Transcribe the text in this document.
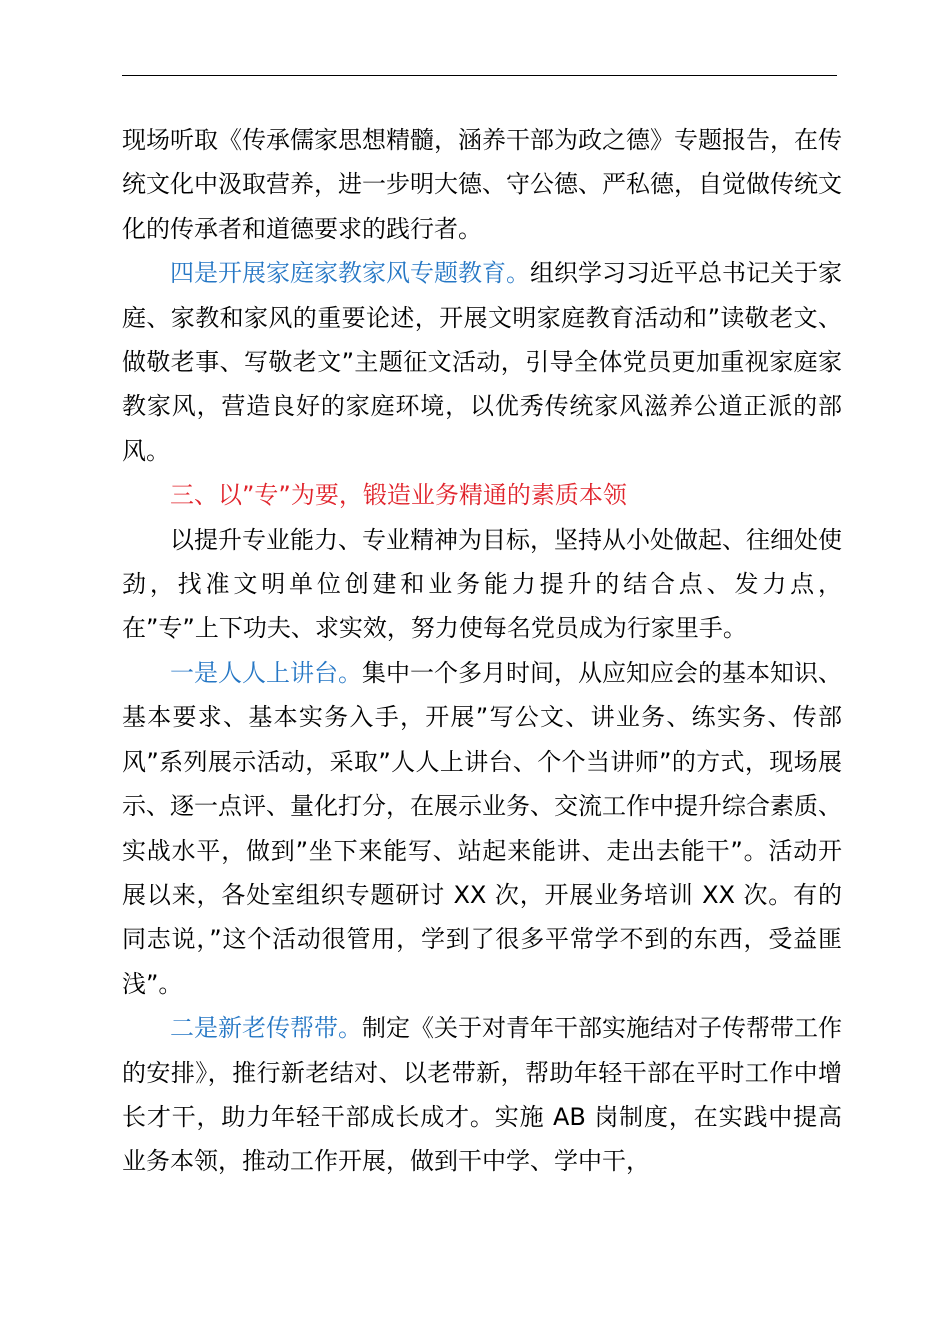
现场听取《传承儒家思想精髓，涵养干部为政之德》专题报告，在传统文化中汲取营养，进一步明大德、守公德、严私德，自觉做传统文化的传承者和道德要求的践行者。

四是开展家庭家教家风专题教育。组织学习习近平总书记关于家庭、家教和家风的重要论述，开展文明家庭教育活动和”读敬老文、做敬老事、写敬老文”主题征文活动，引导全体党员更加重视家庭家教家风，营造良好的家庭环境，以优秀传统家风滋养公道正派的部风。

三、以”专”为要，锻造业务精通的素质本领

以提升专业能力、专业精神为目标，坚持从小处做起、往细处使劲，找准文明单位创建和业务能力提升的结合点、发力点，在”专”上下功夫、求实效，努力使每名党员成为行家里手。

一是人人上讲台。集中一个多月时间，从应知应会的基本知识、基本要求、基本实务入手，开展”写公文、讲业务、练实务、传部风”系列展示活动，采取”人人上讲台、个个当讲师”的方式，现场展示、逐一点评、量化打分，在展示业务、交流工作中提升综合素质、实战水平，做到”坐下来能写、站起来能讲、走出去能干”。活动开展以来，各处室组织专题研讨 XX 次，开展业务培训 XX 次。有的同志说，”这个活动很管用，学到了很多平常学不到的东西，受益匪浅”。

二是新老传帮带。制定《关于对青年干部实施结对子传帮带工作的安排》，推行新老结对、以老带新，帮助年轻干部在平时工作中增长才干，助力年轻干部成长成才。实施 AB 岗制度，在实践中提高业务本领，推动工作开展，做到干中学、学中干，
